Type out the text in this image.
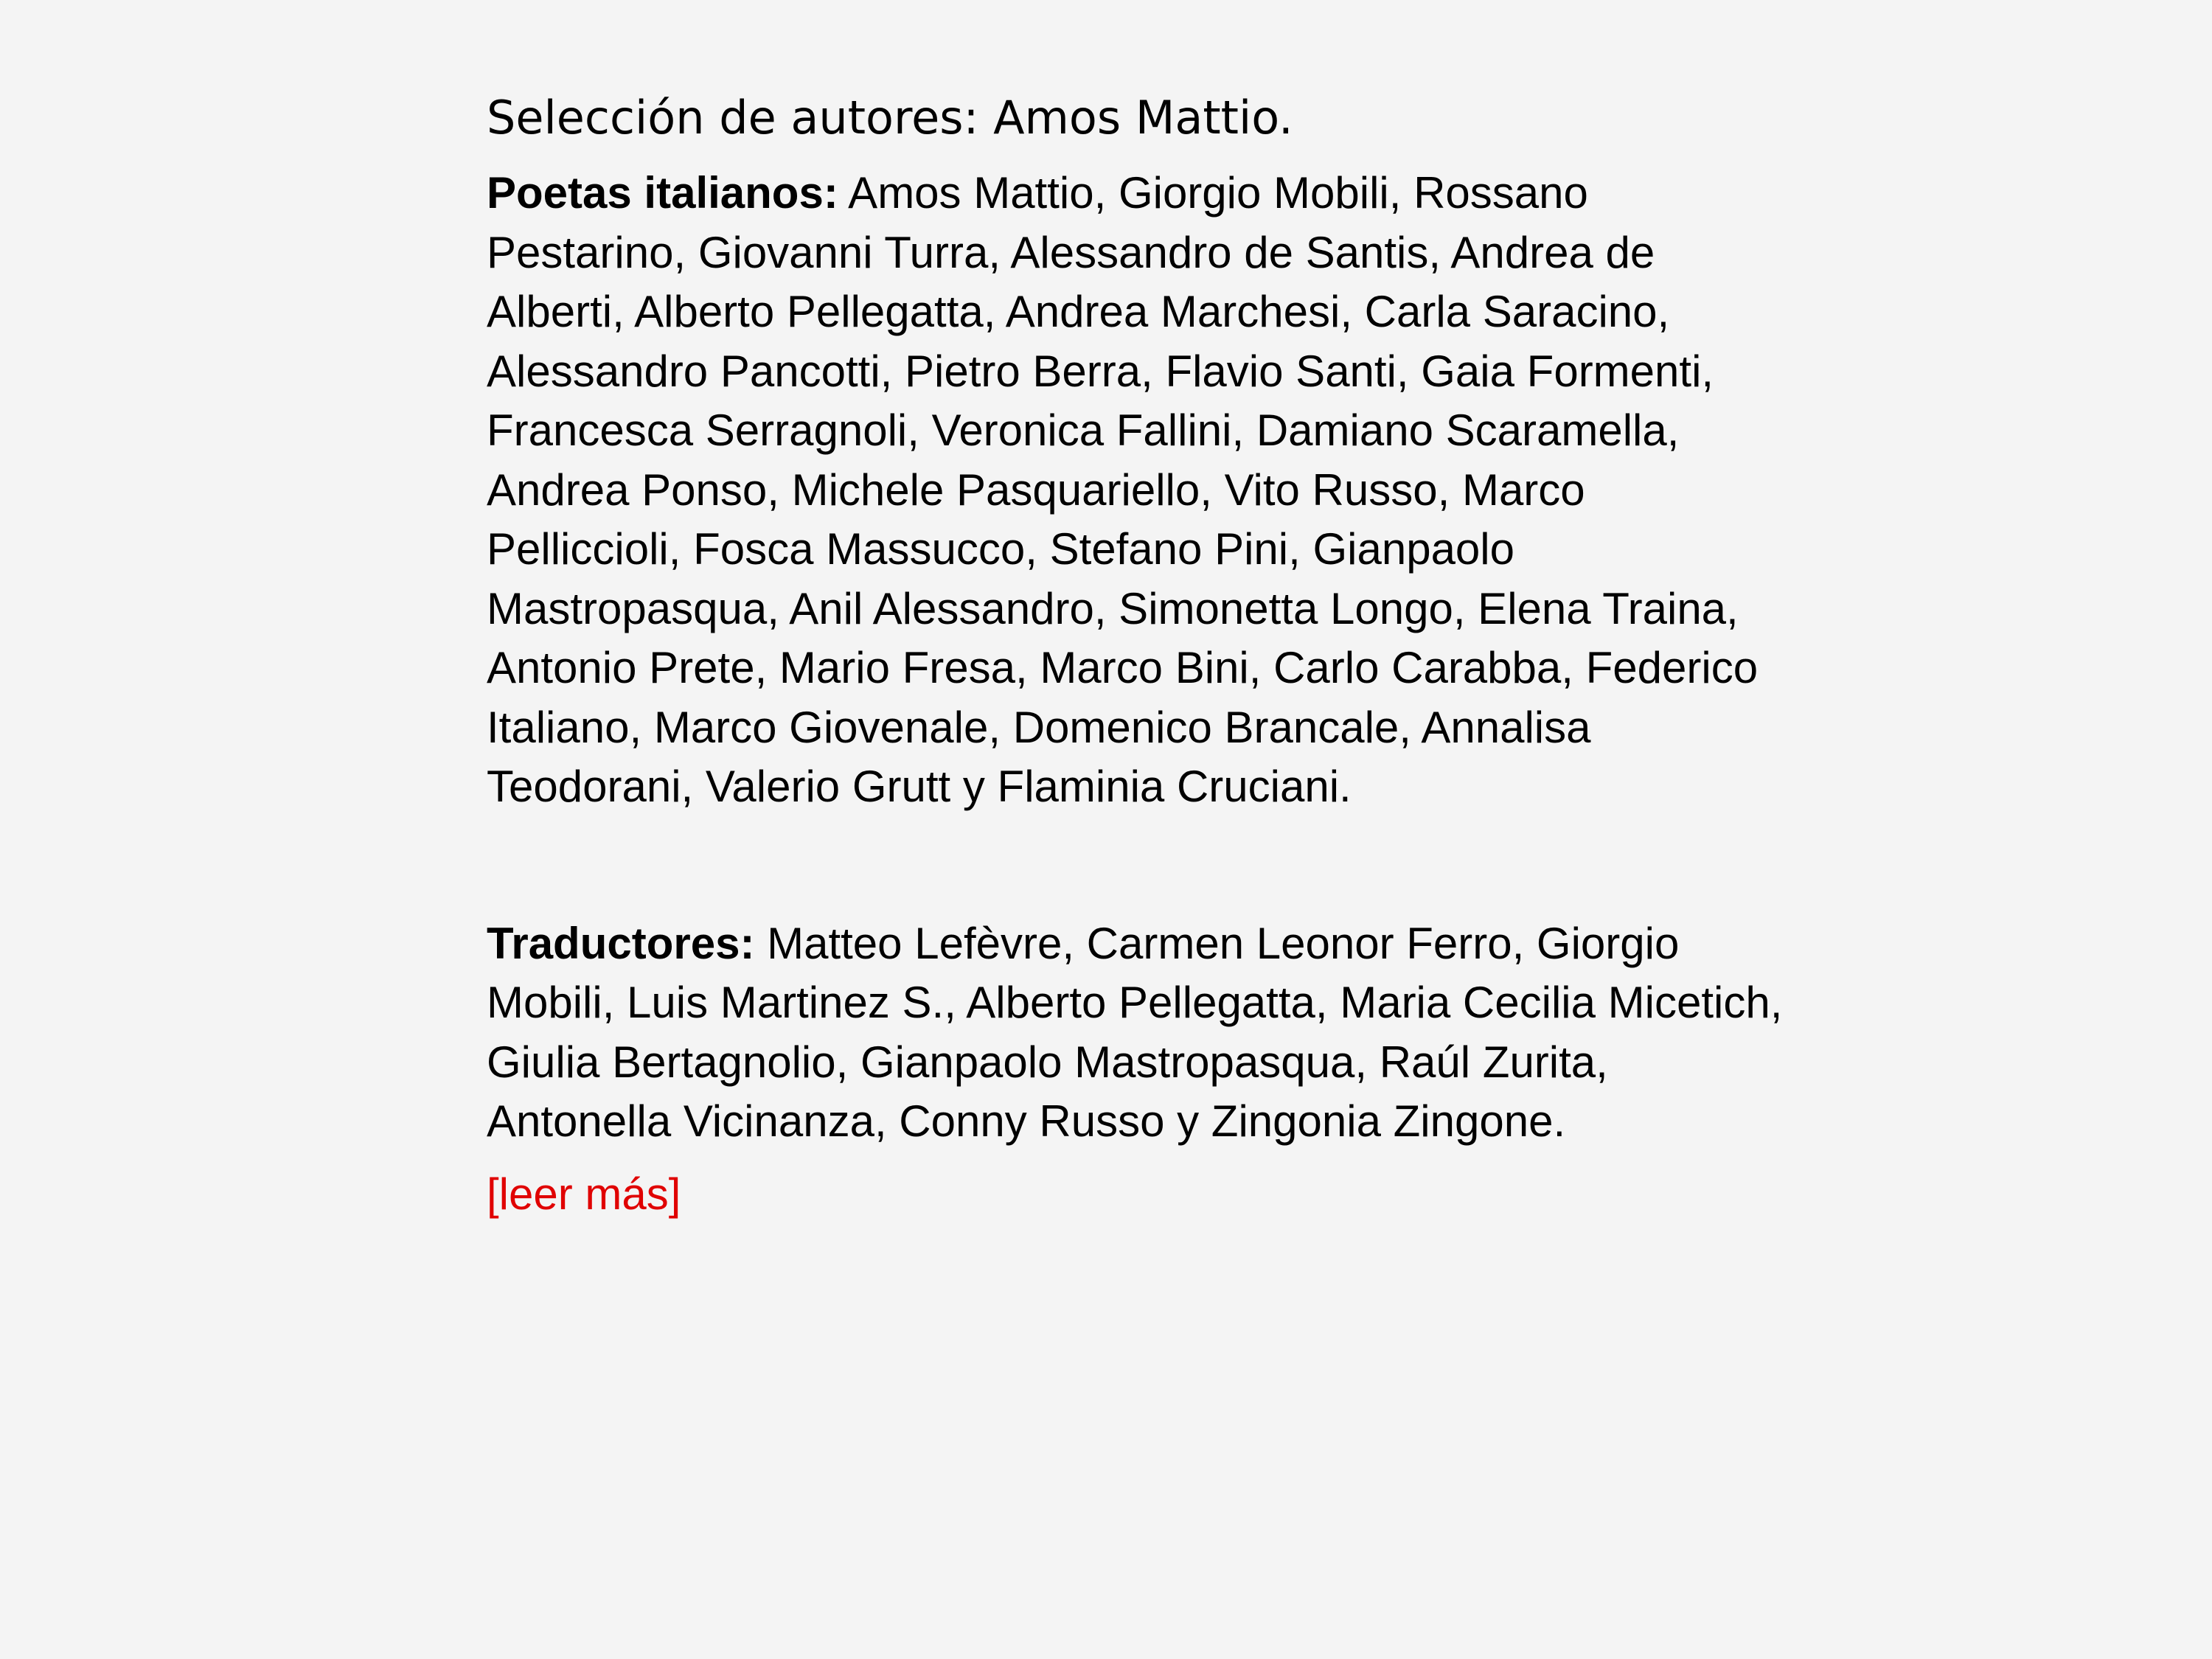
Selección de autores: Amos Mattio.

Poetas italianos: Amos Mattio, Giorgio Mobili, Rossano Pestarino, Giovanni Turra, Alessandro de Santis, Andrea de Alberti, Alberto Pellegatta, Andrea Marchesi, Carla Saracino, Alessandro Pancotti, Pietro Berra, Flavio Santi, Gaia Formenti, Francesca Serragnoli, Veronica Fallini, Damiano Scaramella, Andrea Ponso, Michele Pasquariello, Vito Russo, Marco Pelliccioli, Fosca Massucco, Stefano Pini, Gianpaolo Mastropasqua, Anil Alessandro, Simonetta Longo, Elena Traina, Antonio Prete, Mario Fresa, Marco Bini, Carlo Carabba, Federico Italiano, Marco Giovenale, Domenico Brancale, Annalisa Teodorani, Valerio Grutt y Flaminia Cruciani.

Traductores: Matteo Lefèvre, Carmen Leonor Ferro, Giorgio Mobili, Luis Martinez S., Alberto Pellegatta, Maria Cecilia Micetich, Giulia Bertagnolio, Gianpaolo Mastropasqua, Raúl Zurita, Antonella Vicinanza, Conny Russo y Zingonia Zingone.

[leer más]
